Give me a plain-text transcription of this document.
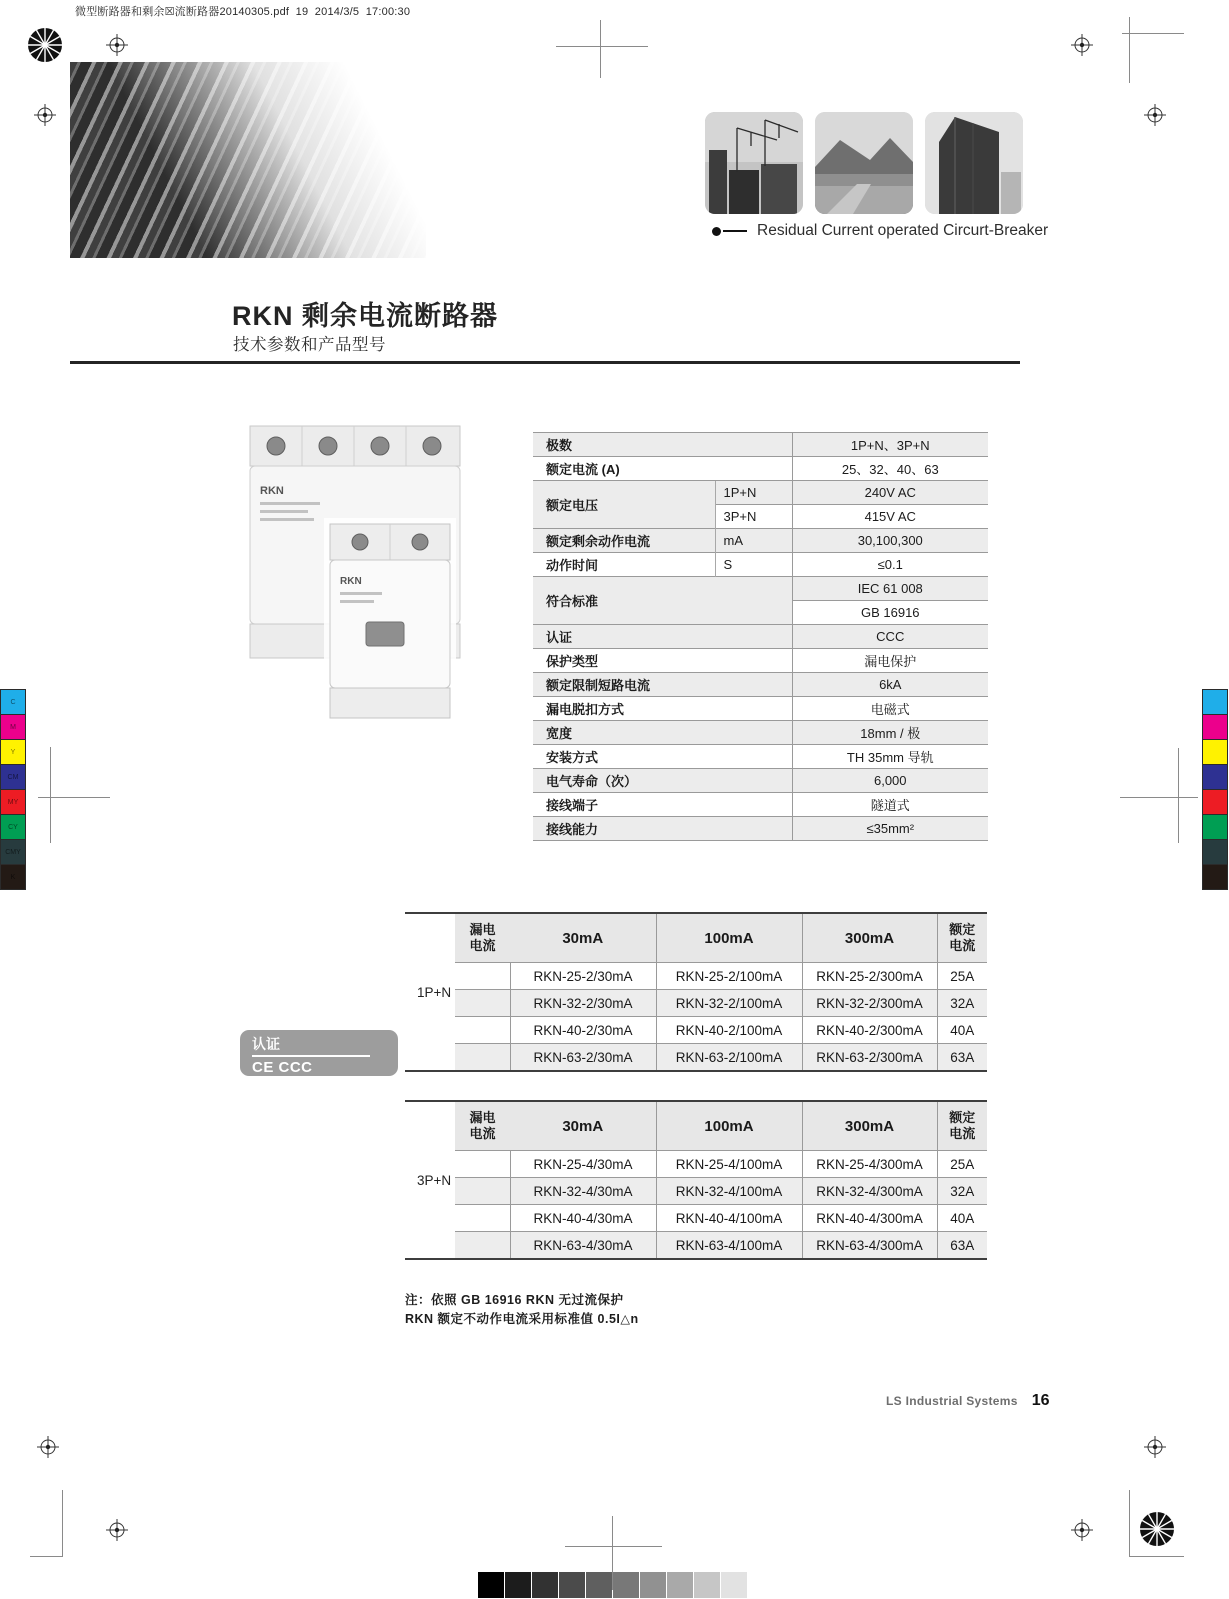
微型断路器和剩余☒流断路器20140305.pdf  19  2014/3/5  17:00:30
Residual Current operated Circurt-Breaker
RKN 剩余电流断路器
技术参数和产品型号
RKN
RKN
极数		1P+N、3P+N
额定电流 (A)		25、32、40、63
额定电压	1P+N	240V AC
	3P+N	415V AC
额定剩余动作电流	mA	30,100,300
动作时间	S	≤0.1
符合标准		IEC 61 008
		GB 16916
认证		CCC
保护类型		漏电保护
额定限制短路电流		6kA
漏电脱扣方式		电磁式
宽度		18mm / 极
安装方式		TH 35mm 导轨
电气寿命（次）		6,000
接线端子		隧道式
接线能力		≤35mm²
1P+N
漏电电流	30mA	100mA	300mA	额定电流
	RKN-25-2/30mA	RKN-25-2/100mA	RKN-25-2/300mA	25A
	RKN-32-2/30mA	RKN-32-2/100mA	RKN-32-2/300mA	32A
	RKN-40-2/30mA	RKN-40-2/100mA	RKN-40-2/300mA	40A
	RKN-63-2/30mA	RKN-63-2/100mA	RKN-63-2/300mA	63A
认证
CE CCC
3P+N
漏电电流	30mA	100mA	300mA	额定电流
	RKN-25-4/30mA	RKN-25-4/100mA	RKN-25-4/300mA	25A
	RKN-32-4/30mA	RKN-32-4/100mA	RKN-32-4/300mA	32A
	RKN-40-4/30mA	RKN-40-4/100mA	RKN-40-4/300mA	40A
	RKN-63-4/30mA	RKN-63-4/100mA	RKN-63-4/300mA	63A
注：依照 GB 16916 RKN 无过流保护
RKN 额定不动作电流采用标准值 0.5I△n
LS Industrial Systems 16
C
M
Y
CM
MY
CY
CMY
K
